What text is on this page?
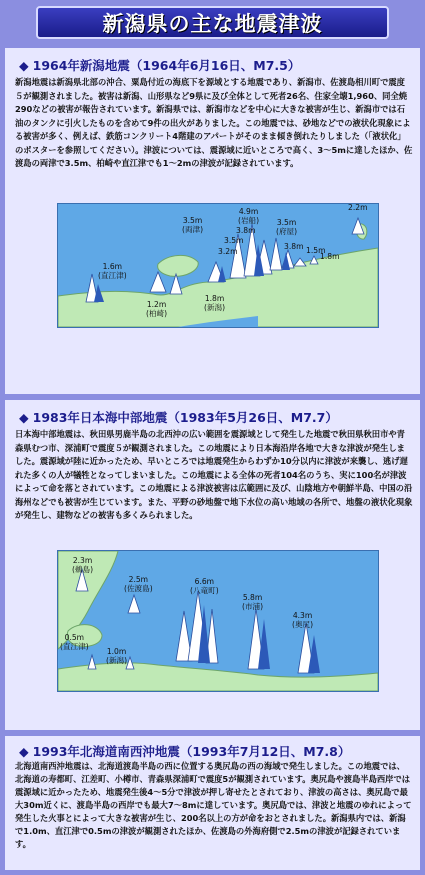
新潟県の主な地震津波
◆ 1964年新潟地震（1964年6月16日、M7.5）
新潟地震は新潟県北部の沖合、粟島付近の海底下を源域とする地震であり、新潟市、佐渡島相川町で震度５が観測されました。被害は新潟、山形県など9県に及び全体として死者26名、住家全壊1,960、同全焼290などの被害が報告されています。新潟県では、新潟市などを中心に大きな被害が生じ、新潟市では石油のタンクに引火したものを含めて9件の出火がありました。この地震では、砂地などでの液状化現象による被害が多く、例えば、鉄筋コンクリート4階建のアパートがそのまま傾き倒れたりしました（「液状化」のポスターを参照してください）。津波については、震源域に近いところで高く、3～5mに達したほか、佐渡島の両津で3.5m、柏崎や直江津でも1～2mの津波が記録されています。
3.5m
(両津)
4.9m
(岩船)
3.8m
3.5m
3.2m
3.5m
(府屋)
3.8m 1.5m
1.8m
2.2m
1.6m
(直江津)
1.2m
(柏崎)
1.8m
(新潟)
◆ 1983年日本海中部地震（1983年5月26日、M7.7）
日本海中部地震は、秋田県男鹿半島の北西沖の広い範囲を震源域として発生した地震で秋田県秋田市や青森県むつ市、深浦町で震度５が観測されました。この地震により日本海沿岸各地で大きな津波が発生しました。震源域が陸に近かったため、早いところでは地震発生からわずか10分以内に津波が来襲し、逃げ遅れた多くの人が犠牲となってしまいました。この地震による全体の死者104名のうち、実に100名が津波によって命を落とされています。この地震による津波被害は広範囲に及び、山陰地方や朝鮮半島、中国の沿海州などでも被害が生じています。また、平野の砂地盤で地下水位の高い地域の各所で、地盤の液状化現象が発生し、建物などの被害も多くみられました。
2.3m
(鵜島)
2.5m
(佐渡島)
6.6m
(八竜町)
5.8m
(市浦)
4.3m
(奥尻)
0.5m
(直江津)
1.0m
(新潟)
◆ 1993年北海道南西沖地震（1993年7月12日、M7.8）
北海道南西沖地震は、北海道渡島半島の西に位置する奥尻島の西の海域で発生しました。この地震では、北海道の寿都町、江差町、小樽市、青森県深浦町で震度5が観測されています。奥尻島や渡島半島西岸では震源域に近かったため、地震発生後4～5分で津波が押し寄せたとされており、津波の高さは、奥尻島で最大30m近くに、渡島半島の西岸でも最大7～8mに達しています。奥尻島では、津波と地震のゆれによって発生した火事とによって大きな被害が生じ、200名以上の方が命をおとされました。新潟県内では、新潟で1.0m、直江津で0.5mの津波が観測されたほか、佐渡島の外海府側で2.5mの津波が記録されています。
